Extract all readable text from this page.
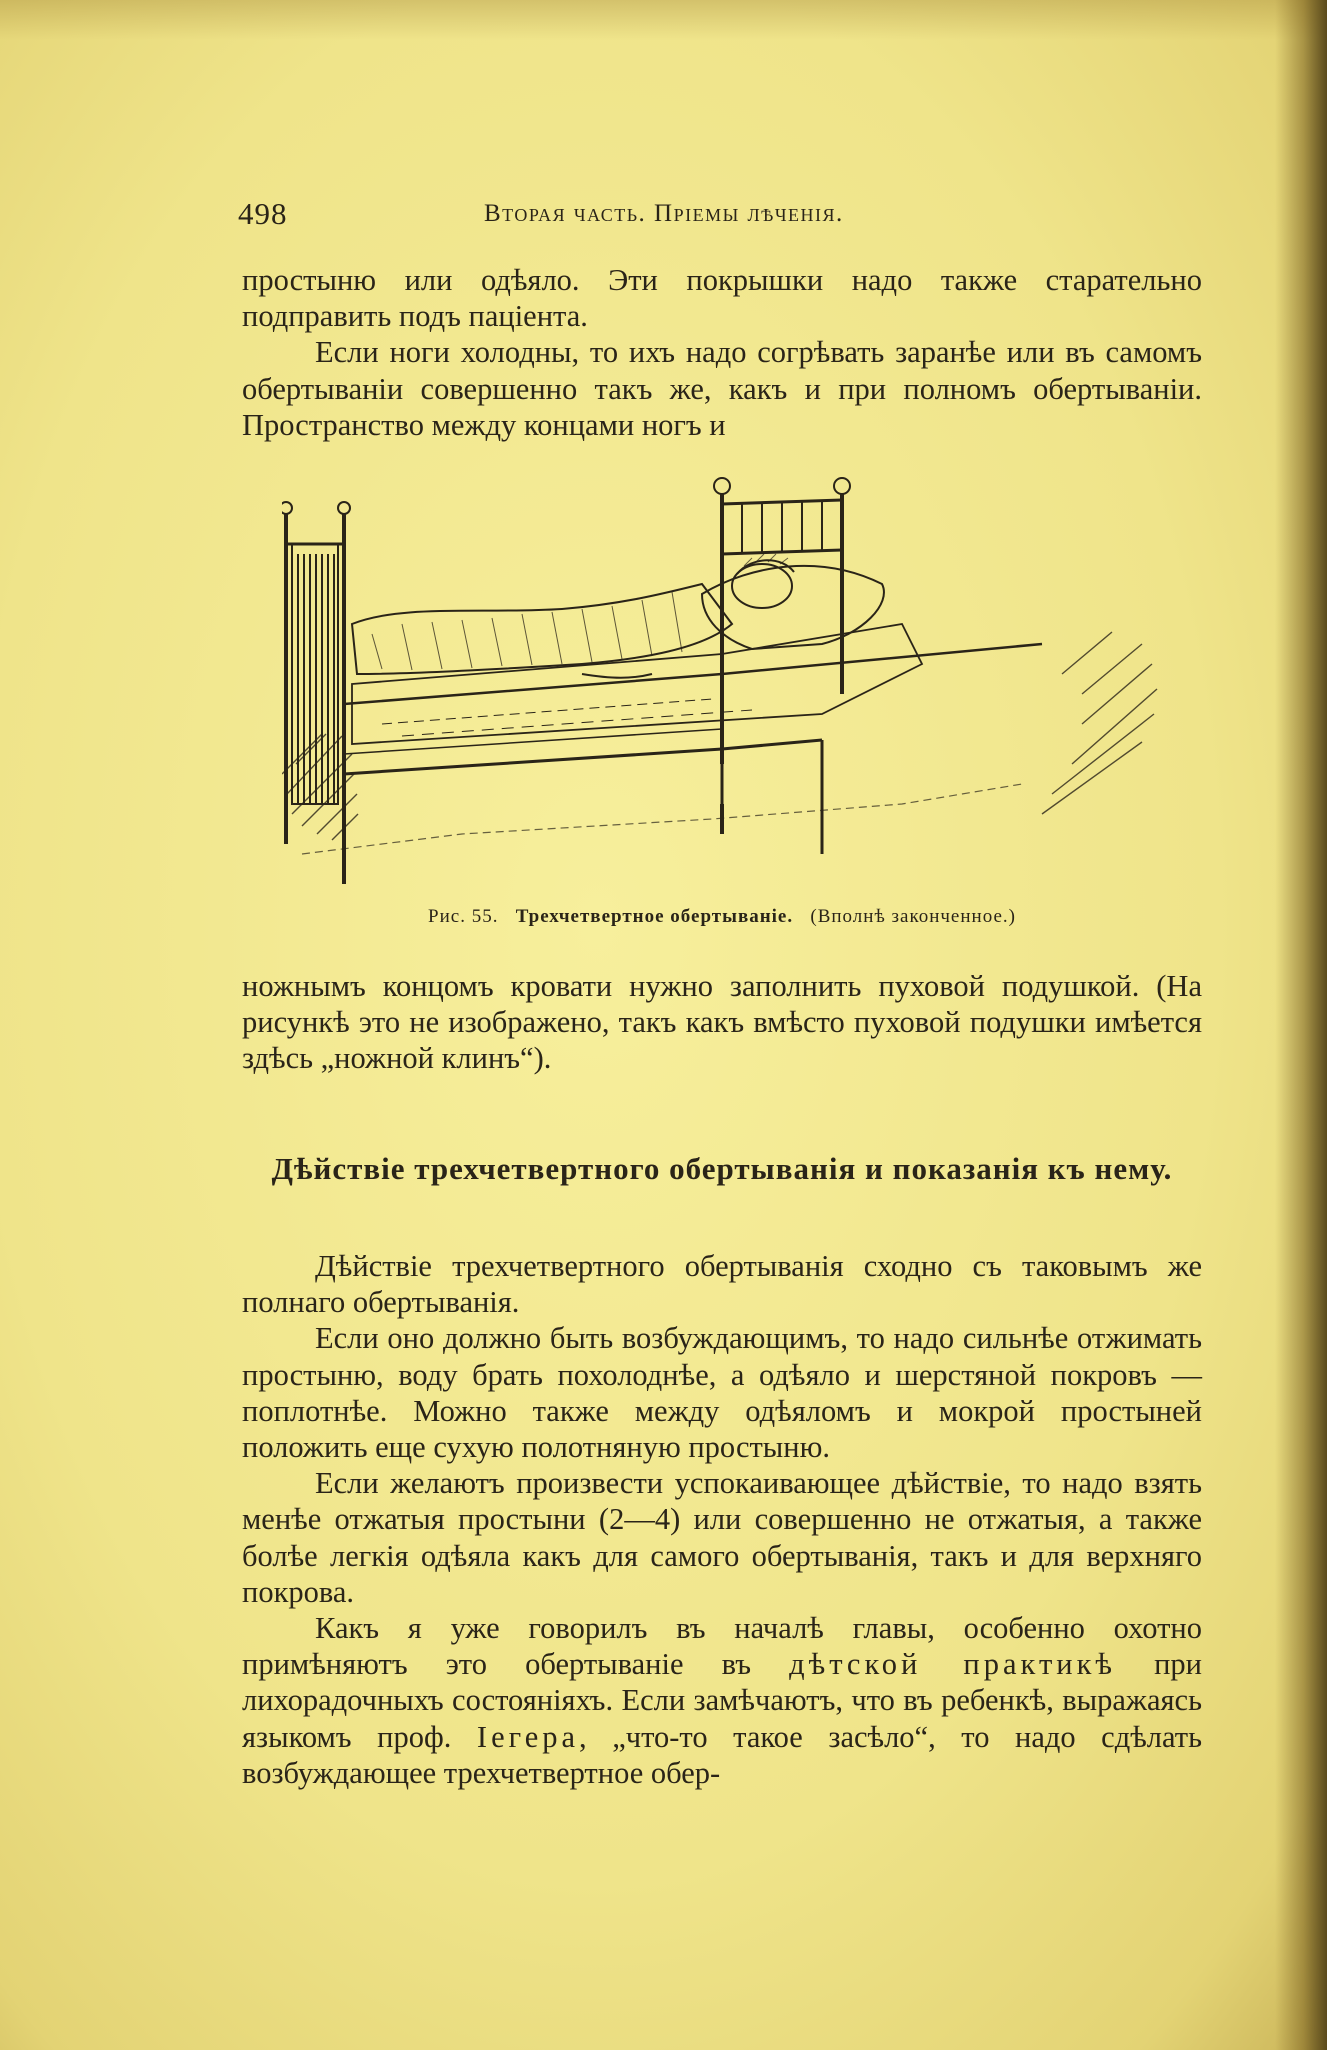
498	Вторая часть. Пріемы лѣченія.

простыню или одѣяло. Эти покрышки надо также старательно подправить подъ паціента.

Если ноги холодны, то ихъ надо согрѣвать заранѣе или въ самомъ обертываніи совершенно такъ же, какъ и при полномъ обертываніи. Пространство между концами ногъ и

Рис. 55. Трехчетвертное обертываніе. (Вполнѣ законченное.)

ножнымъ концомъ кровати нужно заполнить пуховой подушкой. (На рисункѣ это не изображено, такъ какъ вмѣсто пуховой подушки имѣется здѣсь „ножной клинъ“).

Дѣйствіе трехчетвертного обертыванія и показанія къ нему.

Дѣйствіе трехчетвертного обертыванія сходно съ таковымъ же полнаго обертыванія.

Если оно должно быть возбуждающимъ, то надо сильнѣе отжимать простыню, воду брать похолоднѣе, а одѣяло и шерстяной покровъ — поплотнѣе. Можно также между одѣяломъ и мокрой простыней положить еще сухую полотняную простыню.

Если желаютъ произвести успокаивающее дѣйствіе, то надо взять менѣе отжатыя простыни (2—4) или совершенно не отжатыя, а также болѣе легкія одѣяла какъ для самого обертыванія, такъ и для верхняго покрова.

Какъ я уже говорилъ въ началѣ главы, особенно охотно примѣняютъ это обертываніе въ дѣтской практикѣ при лихорадочныхъ состояніяхъ. Если замѣчаютъ, что въ ребенкѣ, выражаясь языкомъ проф. Іегера, „что-то такое засѣло“, то надо сдѣлать возбуждающее трехчетвертное обер-
